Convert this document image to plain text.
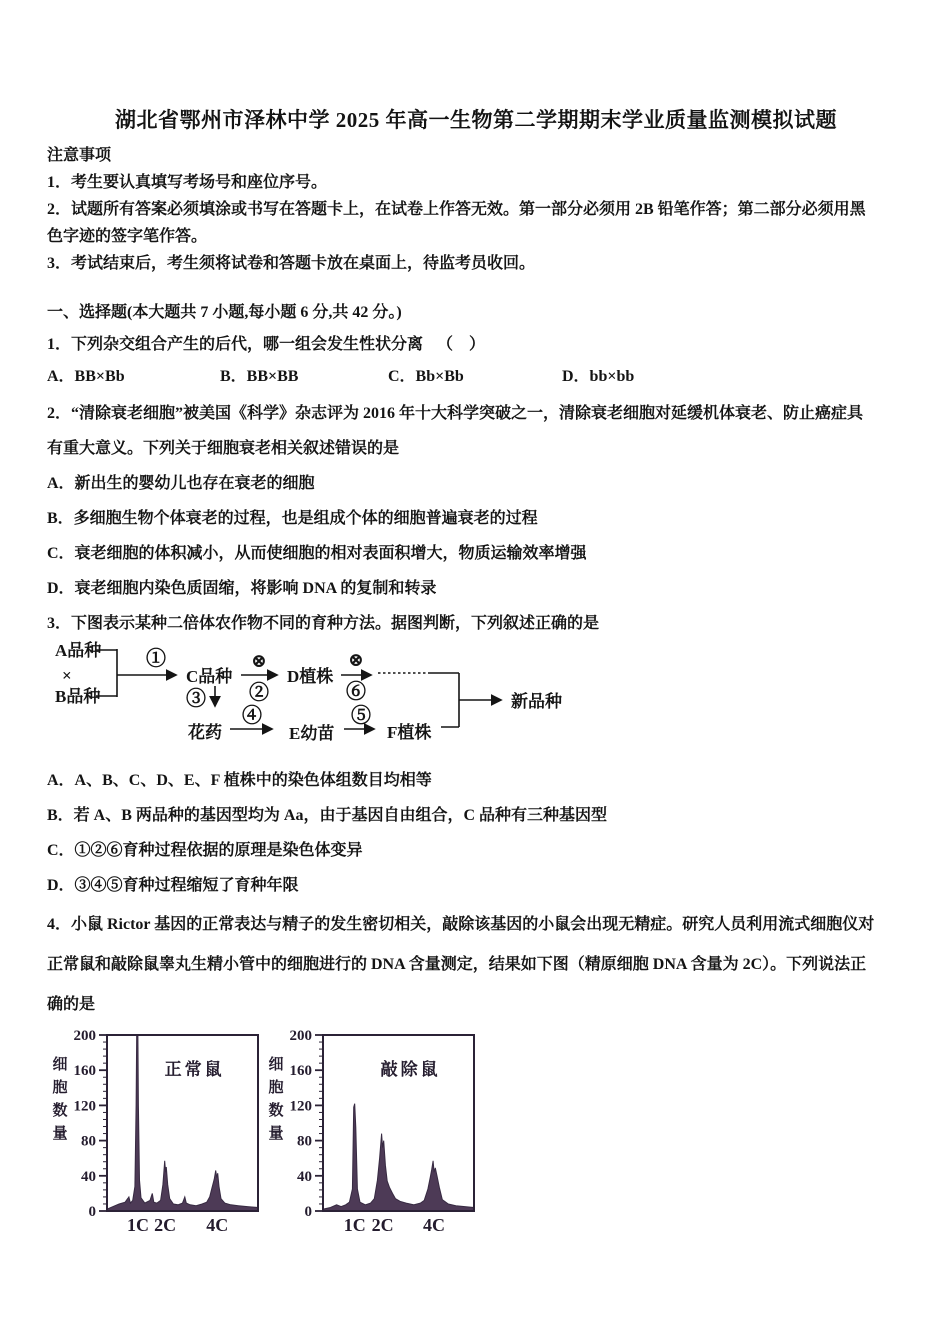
湖北省鄂州市泽林中学 2025 年高一生物第二学期期末学业质量监测模拟试题
注意事项
1．考生要认真填写考场号和座位序号。
2．试题所有答案必须填涂或书写在答题卡上，在试卷上作答无效。第一部分必须用 2B 铅笔作答；第二部分必须用黑
色字迹的签字笔作答。
3．考试结束后，考生须将试卷和答题卡放在桌面上，待监考员收回。
一、选择题(本大题共 7 小题,每小题 6 分,共 42 分。)
1．下列杂交组合产生的后代，哪一组会发生性状分离 （　）
A．BB×Bb	B．BB×BB	C．Bb×Bb	D．bb×bb
2．“清除衰老细胞”被美国《科学》杂志评为 2016 年十大科学突破之一，清除衰老细胞对延缓机体衰老、防止癌症具
有重大意义。下列关于细胞衰老相关叙述错误的是
A．新出生的婴幼儿也存在衰老的细胞
B．多细胞生物个体衰老的过程，也是组成个体的细胞普遍衰老的过程
C．衰老细胞的体积减小，从而使细胞的相对表面积增大，物质运输效率增强
D．衰老细胞内染色质固缩，将影响 DNA 的复制和转录
3．下图表示某种二倍体农作物不同的育种方法。据图判断，下列叙述正确的是
A品种
×
B品种
①
C品种
⊗
②
D植株
⊗
⑥	新品种
③
花药
④
E幼苗
⑤
F植株
A．A、B、C、D、E、F 植株中的染色体组数目均相等
B．若 A、B 两品种的基因型均为 Aa，由于基因自由组合，C 品种有三种基因型
C．①②⑥育种过程依据的原理是染色体变异
D．③④⑤育种过程缩短了育种年限
4．小鼠 Rictor 基因的正常表达与精子的发生密切相关，敲除该基因的小鼠会出现无精症。研究人员利用流式细胞仪对
正常鼠和敲除鼠睾丸生精小管中的细胞进行的 DNA 含量测定，结果如下图（精原细胞 DNA 含量为 2C）。下列说法正
确的是
0
40
80
120
160
200
细
胞
数
量
正常鼠
1C 2C 4C
0
40
80
120
160
200
细
胞
数
量
敲除鼠
1C 2C 4C
